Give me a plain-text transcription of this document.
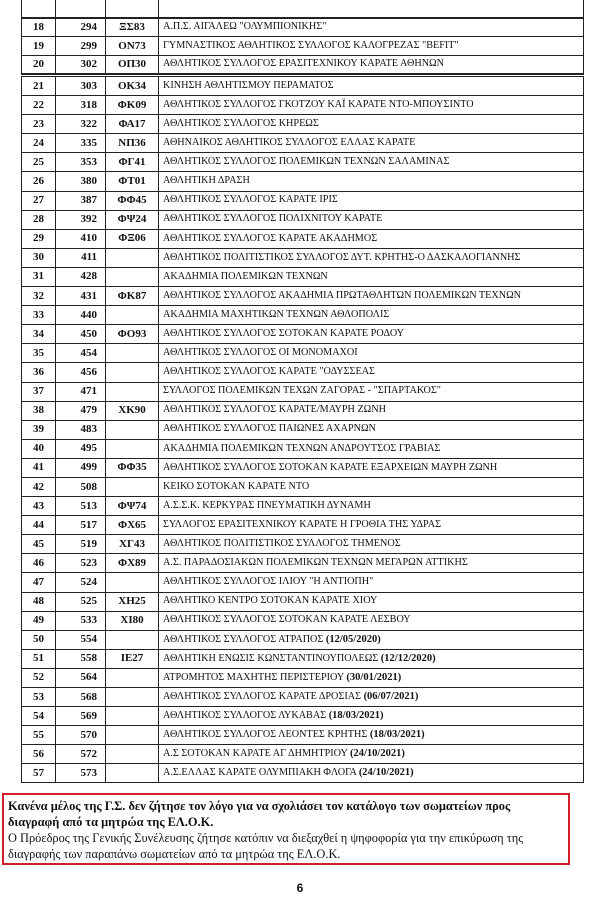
18	294	ΞΣ83	Α.Π.Σ. ΑΙΓΑΛΕΩ "ΟΛΥΜΠΙΟΝΙΚΗΣ"
19	299	ΟΝ73	ΓΥΜΝΑΣΤΙΚΟΣ ΑΘΛΗΤΙΚΟΣ ΣΥΛΛΟΓΟΣ ΚΑΛΟΓΡΕΖΑΣ "BEFIT"
20	302	ΟΠ30	ΑΘΛΗΤΙΚΟΣ ΣΥΛΛΟΓΟΣ ΕΡΑΣΙΤΕΧΝΙΚΟΥ ΚΑΡΑΤΕ ΑΘΗΝΩΝ
21	303	ΟΚ34	ΚΙΝΗΣΗ ΑΘΛΗΤΙΣΜΟΥ ΠΕΡΑΜΑΤΟΣ
22	318	ΦΚ09	ΑΘΛΗΤΙΚΟΣ ΣΥΛΛΟΓΟΣ ΓΚΟΤΖΟΥ ΚΑΪ ΚΑΡΑΤΕ ΝΤΟ-ΜΠΟΥΣΙΝΤΟ
23	322	ΦΑ17	ΑΘΛΗΤΙΚΟΣ ΣΥΛΛΟΓΟΣ ΚΗΡΕΩΣ
24	335	ΝΠ36	ΑΘΗΝΑΙΚΟΣ ΑΘΛΗΤΙΚΟΣ ΣΥΛΛΟΓΟΣ ΕΛΛΑΣ ΚΑΡΑΤΕ
25	353	ΦΓ41	ΑΘΛΗΤΙΚΟΣ ΣΥΛΛΟΓΟΣ ΠΟΛΕΜΙΚΩΝ ΤΕΧΝΩΝ ΣΑΛΑΜΙΝΑΣ
26	380	ΦΤ01	ΑΘΛΗΤΙΚΗ ΔΡΑΣΗ
27	387	ΦΦ45	ΑΘΛΗΤΙΚΟΣ ΣΥΛΛΟΓΟΣ ΚΑΡΑΤΕ ΙΡΙΣ
28	392	ΦΨ24	ΑΘΛΗΤΙΚΟΣ ΣΥΛΛΟΓΟΣ ΠΟΛΙΧΝΙΤΟΥ ΚΑΡΑΤΕ
29	410	ΦΞ06	ΑΘΛΗΤΙΚΟΣ ΣΥΛΛΟΓΟΣ ΚΑΡΑΤΕ ΑΚΑΔΗΜΟΣ
30	411		ΑΘΛΗΤΙΚΟΣ ΠΟΛΙΤΙΣΤΙΚΟΣ ΣΥΛΛΟΓΟΣ ΔΥΤ. ΚΡΗΤΗΣ-Ο ΔΑΣΚΑΛΟΓΙΑΝΝΗΣ
31	428		ΑΚΑΔΗΜΙΑ ΠΟΛΕΜΙΚΩΝ ΤΕΧΝΩΝ
32	431	ΦΚ87	ΑΘΛΗΤΙΚΟΣ ΣΥΛΛΟΓΟΣ ΑΚΑΔΗΜΙΑ ΠΡΩΤΑΘΛΗΤΩΝ ΠΟΛΕΜΙΚΩΝ ΤΕΧΝΩΝ
33	440		ΑΚΑΔΗΜΙΑ ΜΑΧΗΤΙΚΩΝ ΤΕΧΝΩΝ ΑΘΛΟΠΟΛΙΣ
34	450	ΦΟ93	ΑΘΛΗΤΙΚΟΣ ΣΥΛΛΟΓΟΣ ΣΟΤΟΚΑΝ ΚΑΡΑΤΕ ΡΟΔΟΥ
35	454		ΑΘΛΗΤΙΚΟΣ ΣΥΛΛΟΓΟΣ ΟΙ ΜΟΝΟΜΑΧΟΙ
36	456		ΑΘΛΗΤΙΚΟΣ ΣΥΛΛΟΓΟΣ ΚΑΡΑΤΕ "ΟΔΥΣΣΕΑΣ
37	471		ΣΥΛΛΟΓΟΣ ΠΟΛΕΜΙΚΩΝ ΤΕΧΩΝ ΖΑΓΟΡΑΣ - "ΣΠΑΡΤΑΚΟΣ"
38	479	ΧΚ90	ΑΘΛΗΤΙΚΟΣ ΣΥΛΛΟΓΟΣ ΚΑΡΑΤΕ/ΜΑΥΡΗ ΖΩΝΗ
39	483		ΑΘΛΗΤΙΚΟΣ ΣΥΛΛΟΓΟΣ ΠΑΙΩΝΕΣ ΑΧΑΡΝΩΝ
40	495		ΑΚΑΔΗΜΙΑ ΠΟΛΕΜΙΚΩΝ ΤΕΧΝΩΝ ΑΝΔΡΟΥΤΣΟΣ ΓΡΑΒΙΑΣ
41	499	ΦΦ35	ΑΘΛΗΤΙΚΟΣ ΣΥΛΛΟΓΟΣ ΣΟΤΟΚΑΝ ΚΑΡΑΤΕ ΕΞΑΡΧΕΙΩΝ ΜΑΥΡΗ ΖΩΝΗ
42	508		ΚΕΙΚΟ ΣΟΤΟΚΑΝ ΚΑΡΑΤΕ ΝΤΟ
43	513	ΦΨ74	Α.Σ.Σ.Κ. ΚΕΡΚΥΡΑΣ ΠΝΕΥΜΑΤΙΚΗ ΔΥΝΑΜΗ
44	517	ΦΧ65	ΣΥΛΛΟΓΟΣ ΕΡΑΣΙΤΕΧΝΙΚΟΥ ΚΑΡΑΤΕ Η ΓΡΟΘΙΑ ΤΗΣ ΥΔΡΑΣ
45	519	ΧΓ43	ΑΘΛΗΤΙΚΟΣ ΠΟΛΙΤΙΣΤΙΚΟΣ ΣΥΛΛΟΓΟΣ ΤΗΜΕΝΟΣ
46	523	ΦΧ89	Α.Σ. ΠΑΡΑΔΟΣΙΑΚΩΝ ΠΟΛΕΜΙΚΩΝ ΤΕΧΝΩΝ ΜΕΓΑΡΩΝ ΑΤΤΙΚΗΣ
47	524		ΑΘΛΗΤΙΚΟΣ ΣΥΛΛΟΓΟΣ ΙΛΙΟΥ "Η ΑΝΤΙΟΠΗ"
48	525	ΧΗ25	ΑΘΛΗΤΙΚΟ ΚΕΝΤΡΟ ΣΟΤΟΚΑΝ ΚΑΡΑΤΕ ΧΙΟΥ
49	533	ΧΙ80	ΑΘΛΗΤΙΚΟΣ ΣΥΛΛΟΓΟΣ ΣΟΤΟΚΑΝ ΚΑΡΑΤΕ ΛΕΣΒΟΥ
50	554		ΑΘΛΗΤΙΚΟΣ ΣΥΛΛΟΓΟΣ ΑΤΡΑΠΟΣ (12/05/2020)
51	558	ΙΕ27	ΑΘΛΗΤΙΚΗ ΕΝΩΣΙΣ ΚΩΝΣΤΑΝΤΙΝΟΥΠΟΛΕΩΣ (12/12/2020)
52	564		ΑΤΡΟΜΗΤΟΣ ΜΑΧΗΤΗΣ ΠΕΡΙΣΤΕΡΙΟΥ (30/01/2021)
53	568		ΑΘΛΗΤΙΚΟΣ ΣΥΛΛΟΓΟΣ ΚΑΡΑΤΕ ΔΡΟΣΙΑΣ (06/07/2021)
54	569		ΑΘΛΗΤΙΚΟΣ ΣΥΛΛΟΓΟΣ ΛΥΚΑΒΑΣ (18/03/2021)
55	570		ΑΘΛΗΤΙΚΟΣ ΣΥΛΛΟΓΟΣ ΛΕΟΝΤΕΣ ΚΡΗΤΗΣ (18/03/2021)
56	572		Α.Σ ΣΟΤΟΚΑΝ ΚΑΡΑΤΕ ΑΓ ΔΗΜΗΤΡΙΟΥ (24/10/2021)
57	573		Α.Σ.ΕΛΛΑΣ ΚΑΡΑΤΕ ΟΛΥΜΠΙΑΚΗ ΦΛΟΓΑ (24/10/2021)
Κανένα μέλος της Γ.Σ. δεν ζήτησε τον λόγο για να σχολιάσει τον κατάλογο των σωματείων προς διαγραφή από τα μητρώα της ΕΛ.Ο.Κ.
Ο Πρόεδρος της Γενικής Συνέλευσης ζήτησε κατόπιν να διεξαχθεί η ψηφοφορία για την επικύρωση της διαγραφής των παραπάνω σωματείων από τα μητρώα της ΕΛ.Ο.Κ.
6
